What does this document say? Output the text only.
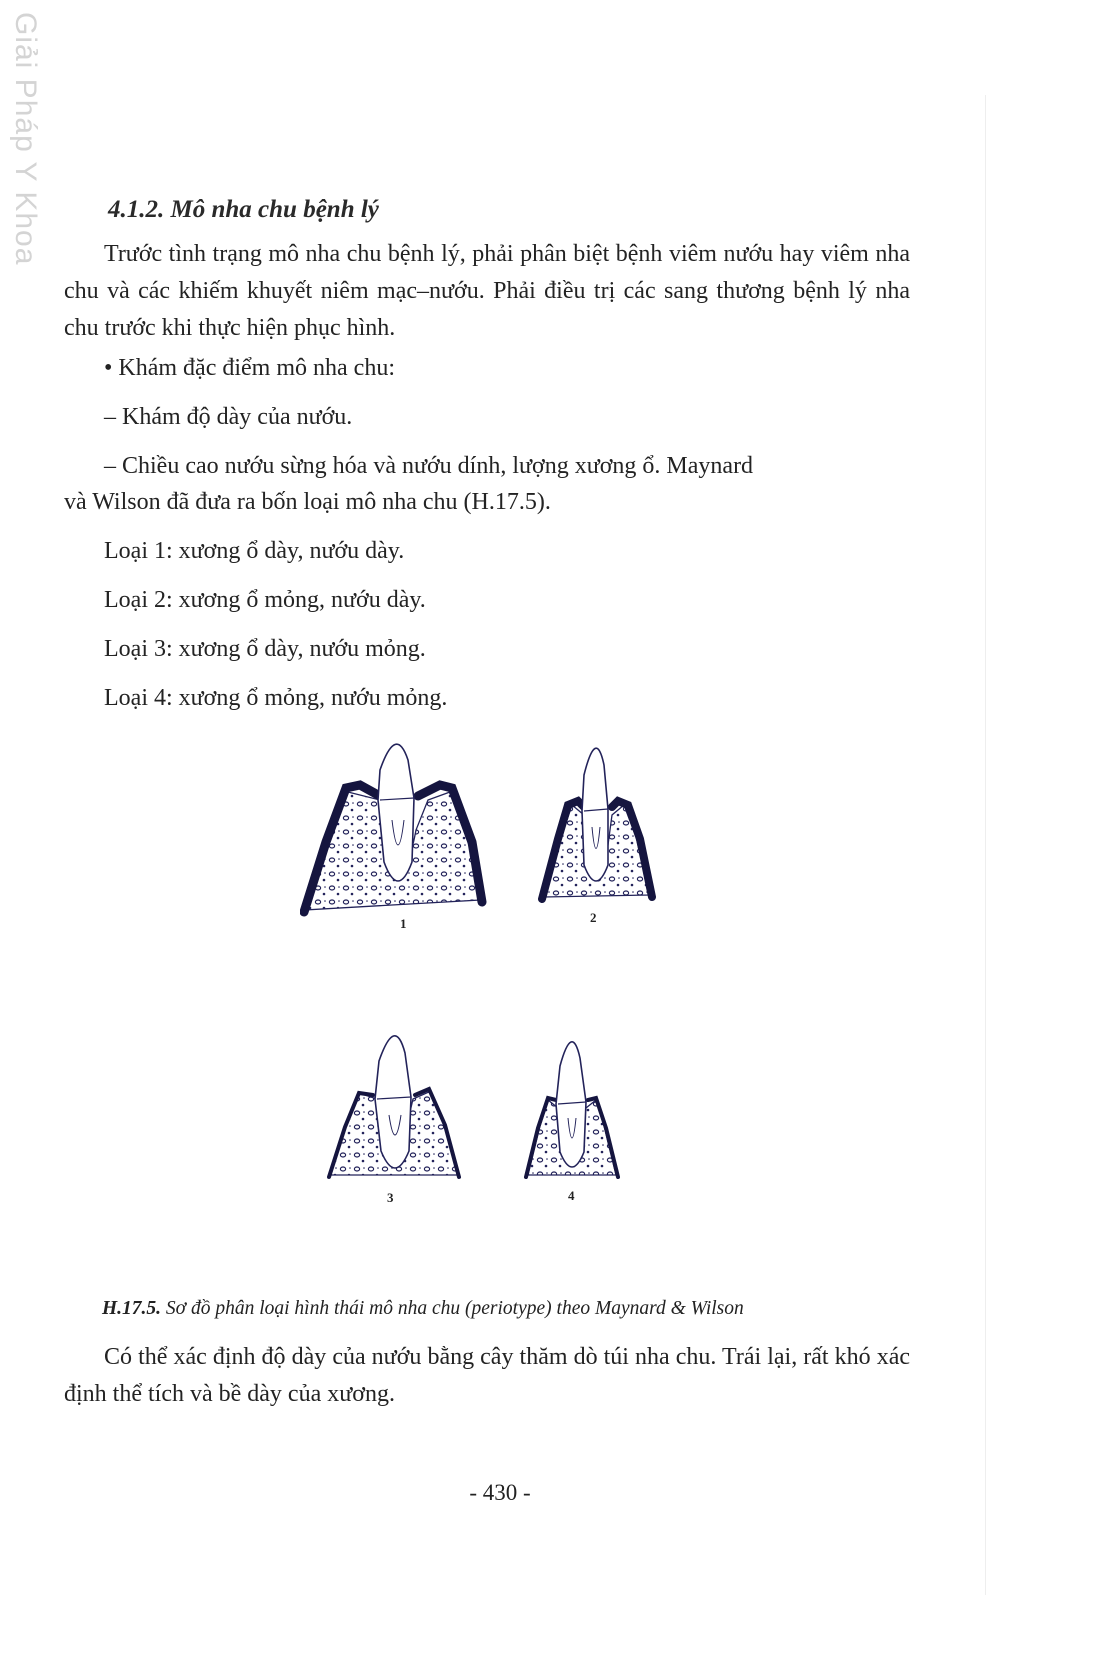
Giải Pháp Y Khoa	4.1.2. Mô nha chu bệnh lý

Trước tình trạng mô nha chu bệnh lý, phải phân biệt bệnh viêm nướu hay viêm nha chu và các khiếm khuyết niêm mạc–nướu. Phải điều trị các sang thương bệnh lý nha chu trước khi thực hiện phục hình.

• Khám đặc điểm mô nha chu:
– Khám độ dày của nướu.
– Chiều cao nướu sừng hóa và nướu dính, lượng xương ổ. Maynard
và Wilson đã đưa ra bốn loại mô nha chu (H.17.5).
Loại 1: xương ổ dày, nướu dày.
Loại 2: xương ổ mỏng, nướu dày.
Loại 3: xương ổ dày, nướu mỏng.
Loại 4: xương ổ mỏng, nướu mỏng.
1	2
3	4
H.17.5. Sơ đồ phân loại hình thái mô nha chu (periotype) theo Maynard & Wilson

Có thể xác định độ dày của nướu bằng cây thăm dò túi nha chu. Trái lại, rất khó xác định thể tích và bề dày của xương.

- 430 -
